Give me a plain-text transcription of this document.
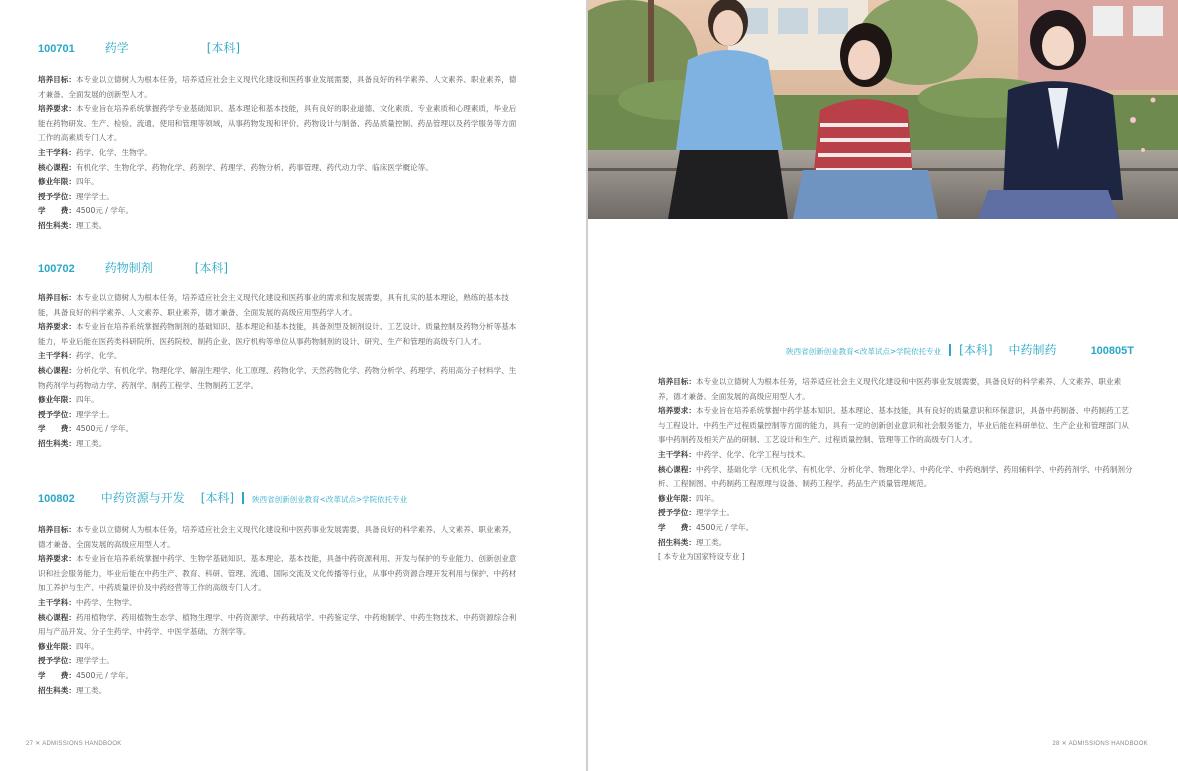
100701	药学	[本科]
培养目标：本专业以立德树人为根本任务，培养适应社会主义现代化建设和医药事业发展需要，具备良好的科学素养、人文素养、职业素养，德才兼备、全面发展的创新型人才。
培养要求：本专业旨在培养系统掌握药学专业基础知识、基本理论和基本技能，具有良好的职业道德、文化素质、专业素质和心理素质，毕业后能在药物研发、生产、检验、流通、使用和管理等领域，从事药物发现和评价、药物设计与制备、药品质量控制、药品管理以及药学服务等方面工作的高素质专门人才。
主干学科：药学、化学、生物学。
核心课程：有机化学、生物化学、药物化学、药剂学、药理学、药物分析、药事管理、药代动力学、临床医学概论等。
修业年限：四年。
授予学位：理学学士。
学　　费：4500元 / 学年。
招生科类：理工类。
100702	药物制剂	[本科]
培养目标：本专业以立德树人为根本任务，培养适应社会主义现代化建设和医药事业的需求和发展需要，具有扎实的基本理论，熟练的基本技能，具备良好的科学素养、人文素养、职业素养，德才兼备、全面发展的高级应用型药学人才。
培养要求：本专业旨在培养系统掌握药物制剂的基础知识、基本理论和基本技能，具备剂型及制剂设计、工艺设计、质量控制及药物分析等基本能力，毕业后能在医药类科研院所、医药院校、制药企业、医疗机构等单位从事药物制剂的设计、研究、生产和管理的高级专门人才。
主干学科：药学、化学。
核心课程：分析化学、有机化学、物理化学、解剖生理学、化工原理、药物化学、天然药物化学、药物分析学、药理学、药用高分子材料学、生物药剂学与药物动力学、药剂学、制药工程学、生物制药工艺学。
修业年限：四年。
授予学位：理学学士。
学　　费：4500元 / 学年。
招生科类：理工类。
100802 中药资源与开发 [本科] 陕西省创新创业教育<改革试点>学院依托专业
培养目标：本专业以立德树人为根本任务，培养适应社会主义现代化建设和中医药事业发展需要，具备良好的科学素养、人文素养、职业素养，德才兼备、全面发展的高级应用型人才。
培养要求：本专业旨在培养系统掌握中药学、生物学基础知识、基本理论、基本技能，具备中药资源利用、开发与保护的专业能力、创新创业意识和社会服务能力，毕业后能在中药生产、教育、科研、管理、流通、国际交流及文化传播等行业，从事中药资源合理开发利用与保护、中药材加工养护与生产、中药质量评价及中药经营等工作的高级专门人才。
主干学科：中药学、生物学。
核心课程：药用植物学、药用植物生态学、植物生理学、中药资源学、中药栽培学、中药鉴定学、中药炮制学、中药生物技术、中药资源综合利用与产品开发、分子生药学、中药学、中医学基础、方剂学等。
修业年限：四年。
授予学位：理学学士。
学　　费：4500元 / 学年。
招生科类：理工类。
27 ✕ ADMISSIONS HANDBOOK
陕西省创新创业教育<改革试点>学院依托专业 [本科] 中药制药	100805T
培养目标：本专业以立德树人为根本任务，培养适应社会主义现代化建设和中医药事业发展需要，具备良好的科学素养、人文素养、职业素养，德才兼备、全面发展的高级应用型人才。
培养要求：本专业旨在培养系统掌握中药学基本知识、基本理论、基本技能，具有良好的质量意识和环保意识，具备中药制备、中药制药工艺与工程设计、中药生产过程质量控制等方面的能力，具有一定的创新创业意识和社会服务能力，毕业后能在科研单位、生产企业和管理部门从事中药制药及相关产品的研制、工艺设计和生产、过程质量控制、管理等工作的高级专门人才。
主干学科：中药学、化学、化学工程与技术。
核心课程：中药学、基础化学（无机化学、有机化学、分析化学、物理化学）、中药化学、中药炮制学、药用辅料学、中药药剂学、中药制剂分析、工程制图、中药制药工程原理与设备、制药工程学、药品生产质量管理规范。
修业年限：四年。
授予学位：理学学士。
学　　费：4500元 / 学年。
招生科类：理工类。
[ 本专业为国家特设专业 ]
28 ✕ ADMISSIONS HANDBOOK
